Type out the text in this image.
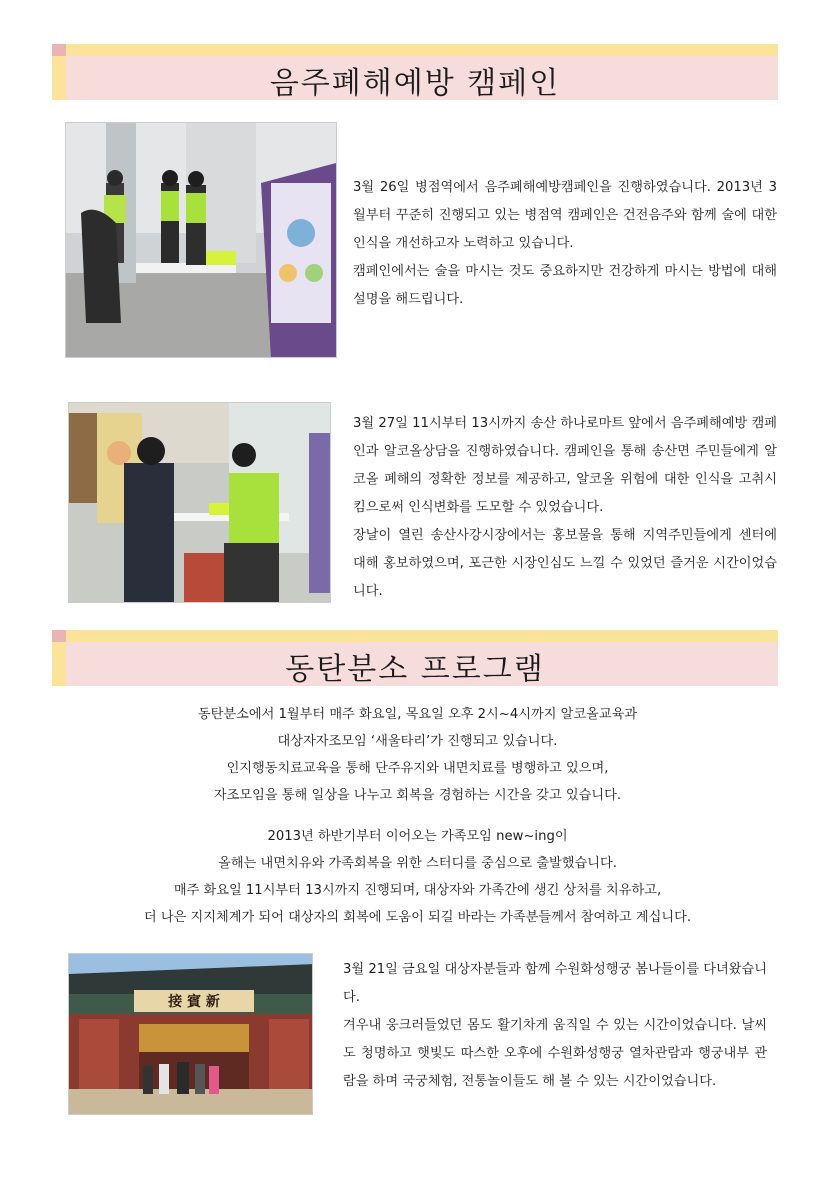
음주폐해예방 캠페인

3월 26일 병점역에서 음주폐해예방캠페인을 진행하였습니다. 2013년 3월부터 꾸준히 진행되고 있는 병점역 캠페인은 건전음주와 함께 술에 대한 인식을 개선하고자 노력하고 있습니다.

캠페인에서는 술을 마시는 것도 중요하지만 건강하게 마시는 방법에 대해 설명을 해드립니다.

3월 27일 11시부터 13시까지 송산 하나로마트 앞에서 음주폐해예방 캠페인과 알코올상담을 진행하였습니다. 캠페인을 통해 송산면 주민들에게 알코올 폐해의 정확한 정보를 제공하고, 알코올 위험에 대한 인식을 고취시킴으로써 인식변화를 도모할 수 있었습니다.

장날이 열린 송산사강시장에서는 홍보물을 통해 지역주민들에게 센터에 대해 홍보하였으며, 포근한 시장인심도 느낄 수 있었던 즐거운 시간이었습니다.

동탄분소 프로그램
동탄분소에서 1월부터 매주 화요일, 목요일 오후 2시~4시까지 알코올교육과
대상자자조모임 ‘새울타리’가 진행되고 있습니다.
인지행동치료교육을 통해 단주유지와 내면치료를 병행하고 있으며,
자조모임을 통해 일상을 나누고 회복을 경험하는 시간을 갖고 있습니다.
2013년 하반기부터 이어오는 가족모임 new~ing이
올해는 내면치유와 가족회복을 위한 스터디를 중심으로 출발했습니다.
매주 화요일 11시부터 13시까지 진행되며, 대상자와 가족간에 생긴 상처를 치유하고,
더 나은 지지체계가 되어 대상자의 회복에 도움이 되길 바라는 가족분들께서 참여하고 계십니다.
接 賓 新

3월 21일 금요일 대상자분들과 함께 수원화성행궁 봄나들이를 다녀왔습니다.

겨우내 웅크러들었던 몸도 활기차게 움직일 수 있는 시간이었습니다. 날씨도 청명하고 햇빛도 따스한 오후에 수원화성행궁 열차관람과 행궁내부 관람을 하며 국궁체험, 전통놀이들도 해 볼 수 있는 시간이었습니다.
